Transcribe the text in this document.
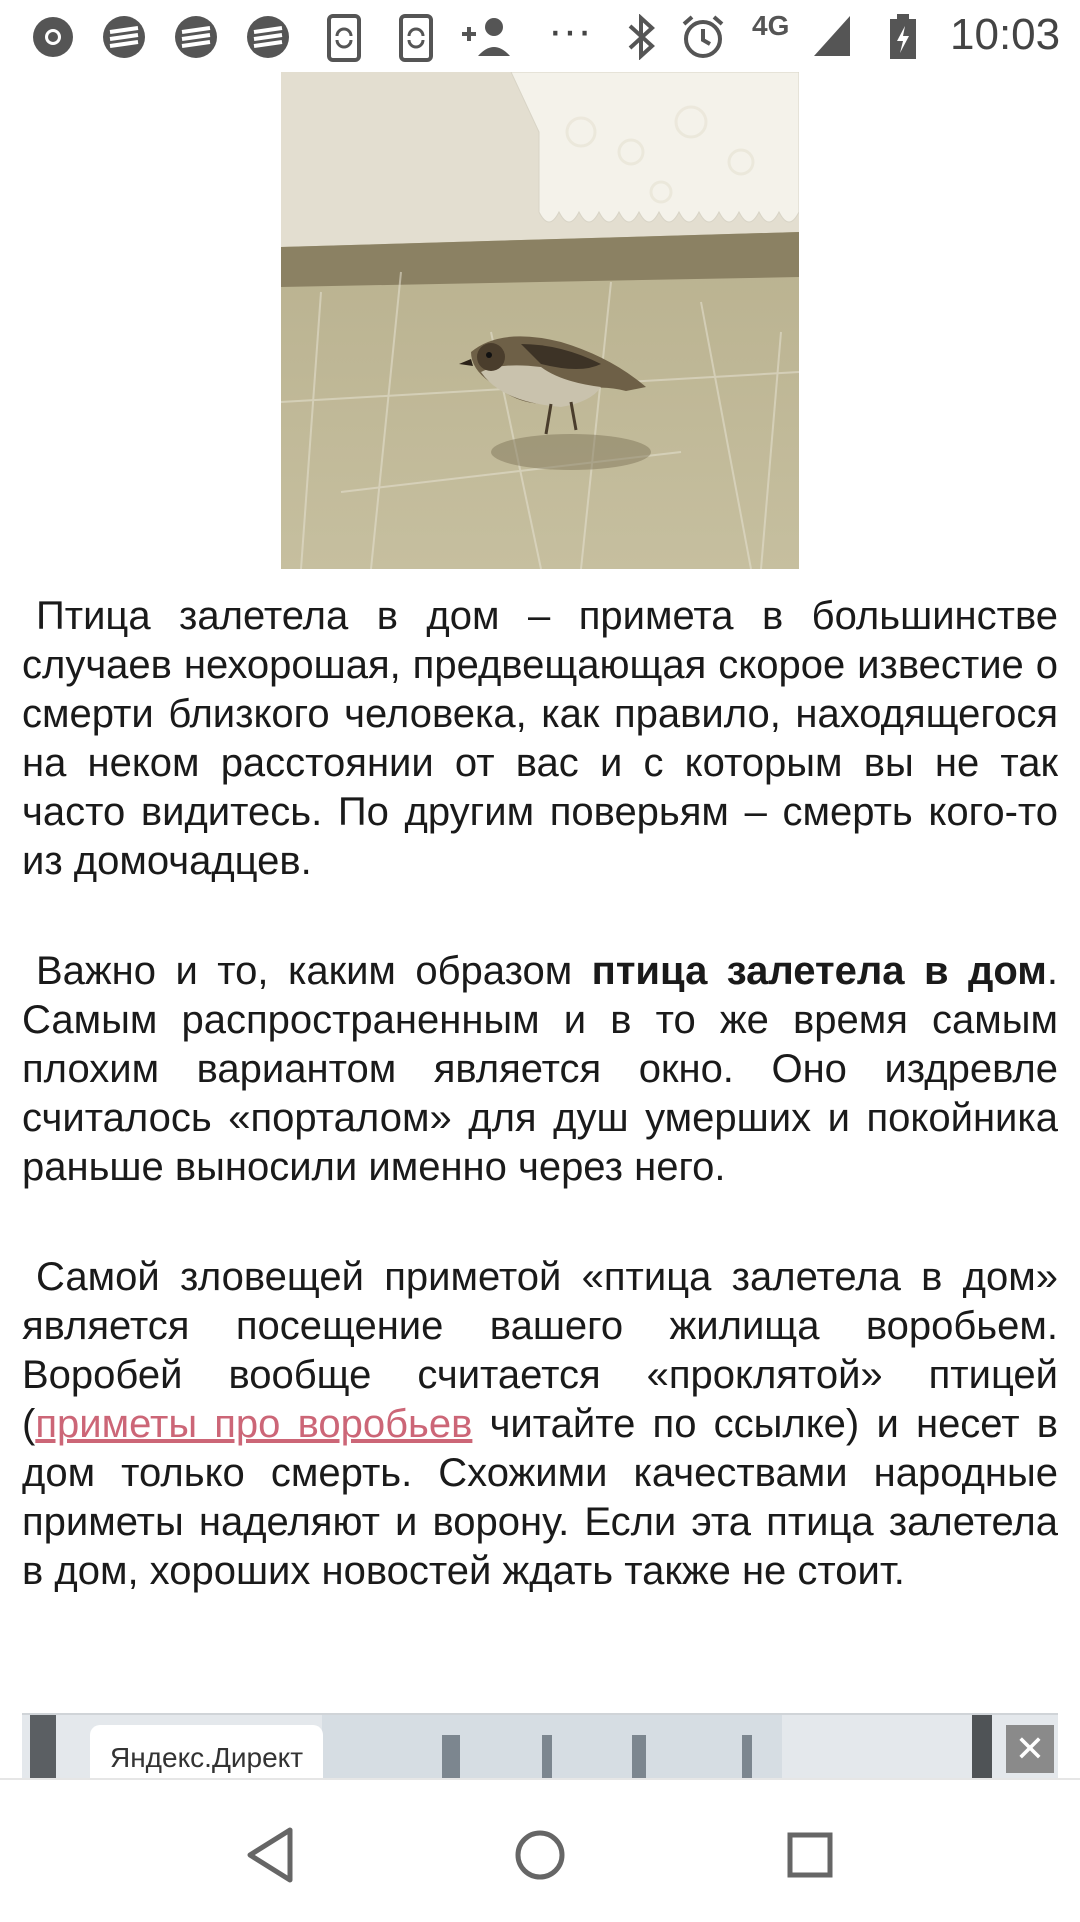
···	4G	10:03

Птица залетела в дом – примета в большинстве случаев нехорошая, предвещающая скорое известие о смерти близкого человека, как правило, находящегося на неком расстоянии от вас и с которым вы не так часто видитесь. По другим поверьям – смерть кого-то из домочадцев.

Важно и то, каким образом птица залетела в дом. Самым распространенным и в то же время самым плохим вариантом является окно. Оно издревле считалось «порталом» для душ умерших и покойника раньше выносили именно через него.

Самой зловещей приметой «птица залетела в дом» является посещение вашего жилища воробьем. Воробей вообще считается «проклятой» птицей (приметы про воробьев читайте по ссылке) и несет в дом только смерть. Схожими качествами народные приметы наделяют и ворону. Если эта птица залетела в дом, хороших новостей ждать также не стоит.

Яндекс.Директ	✕
